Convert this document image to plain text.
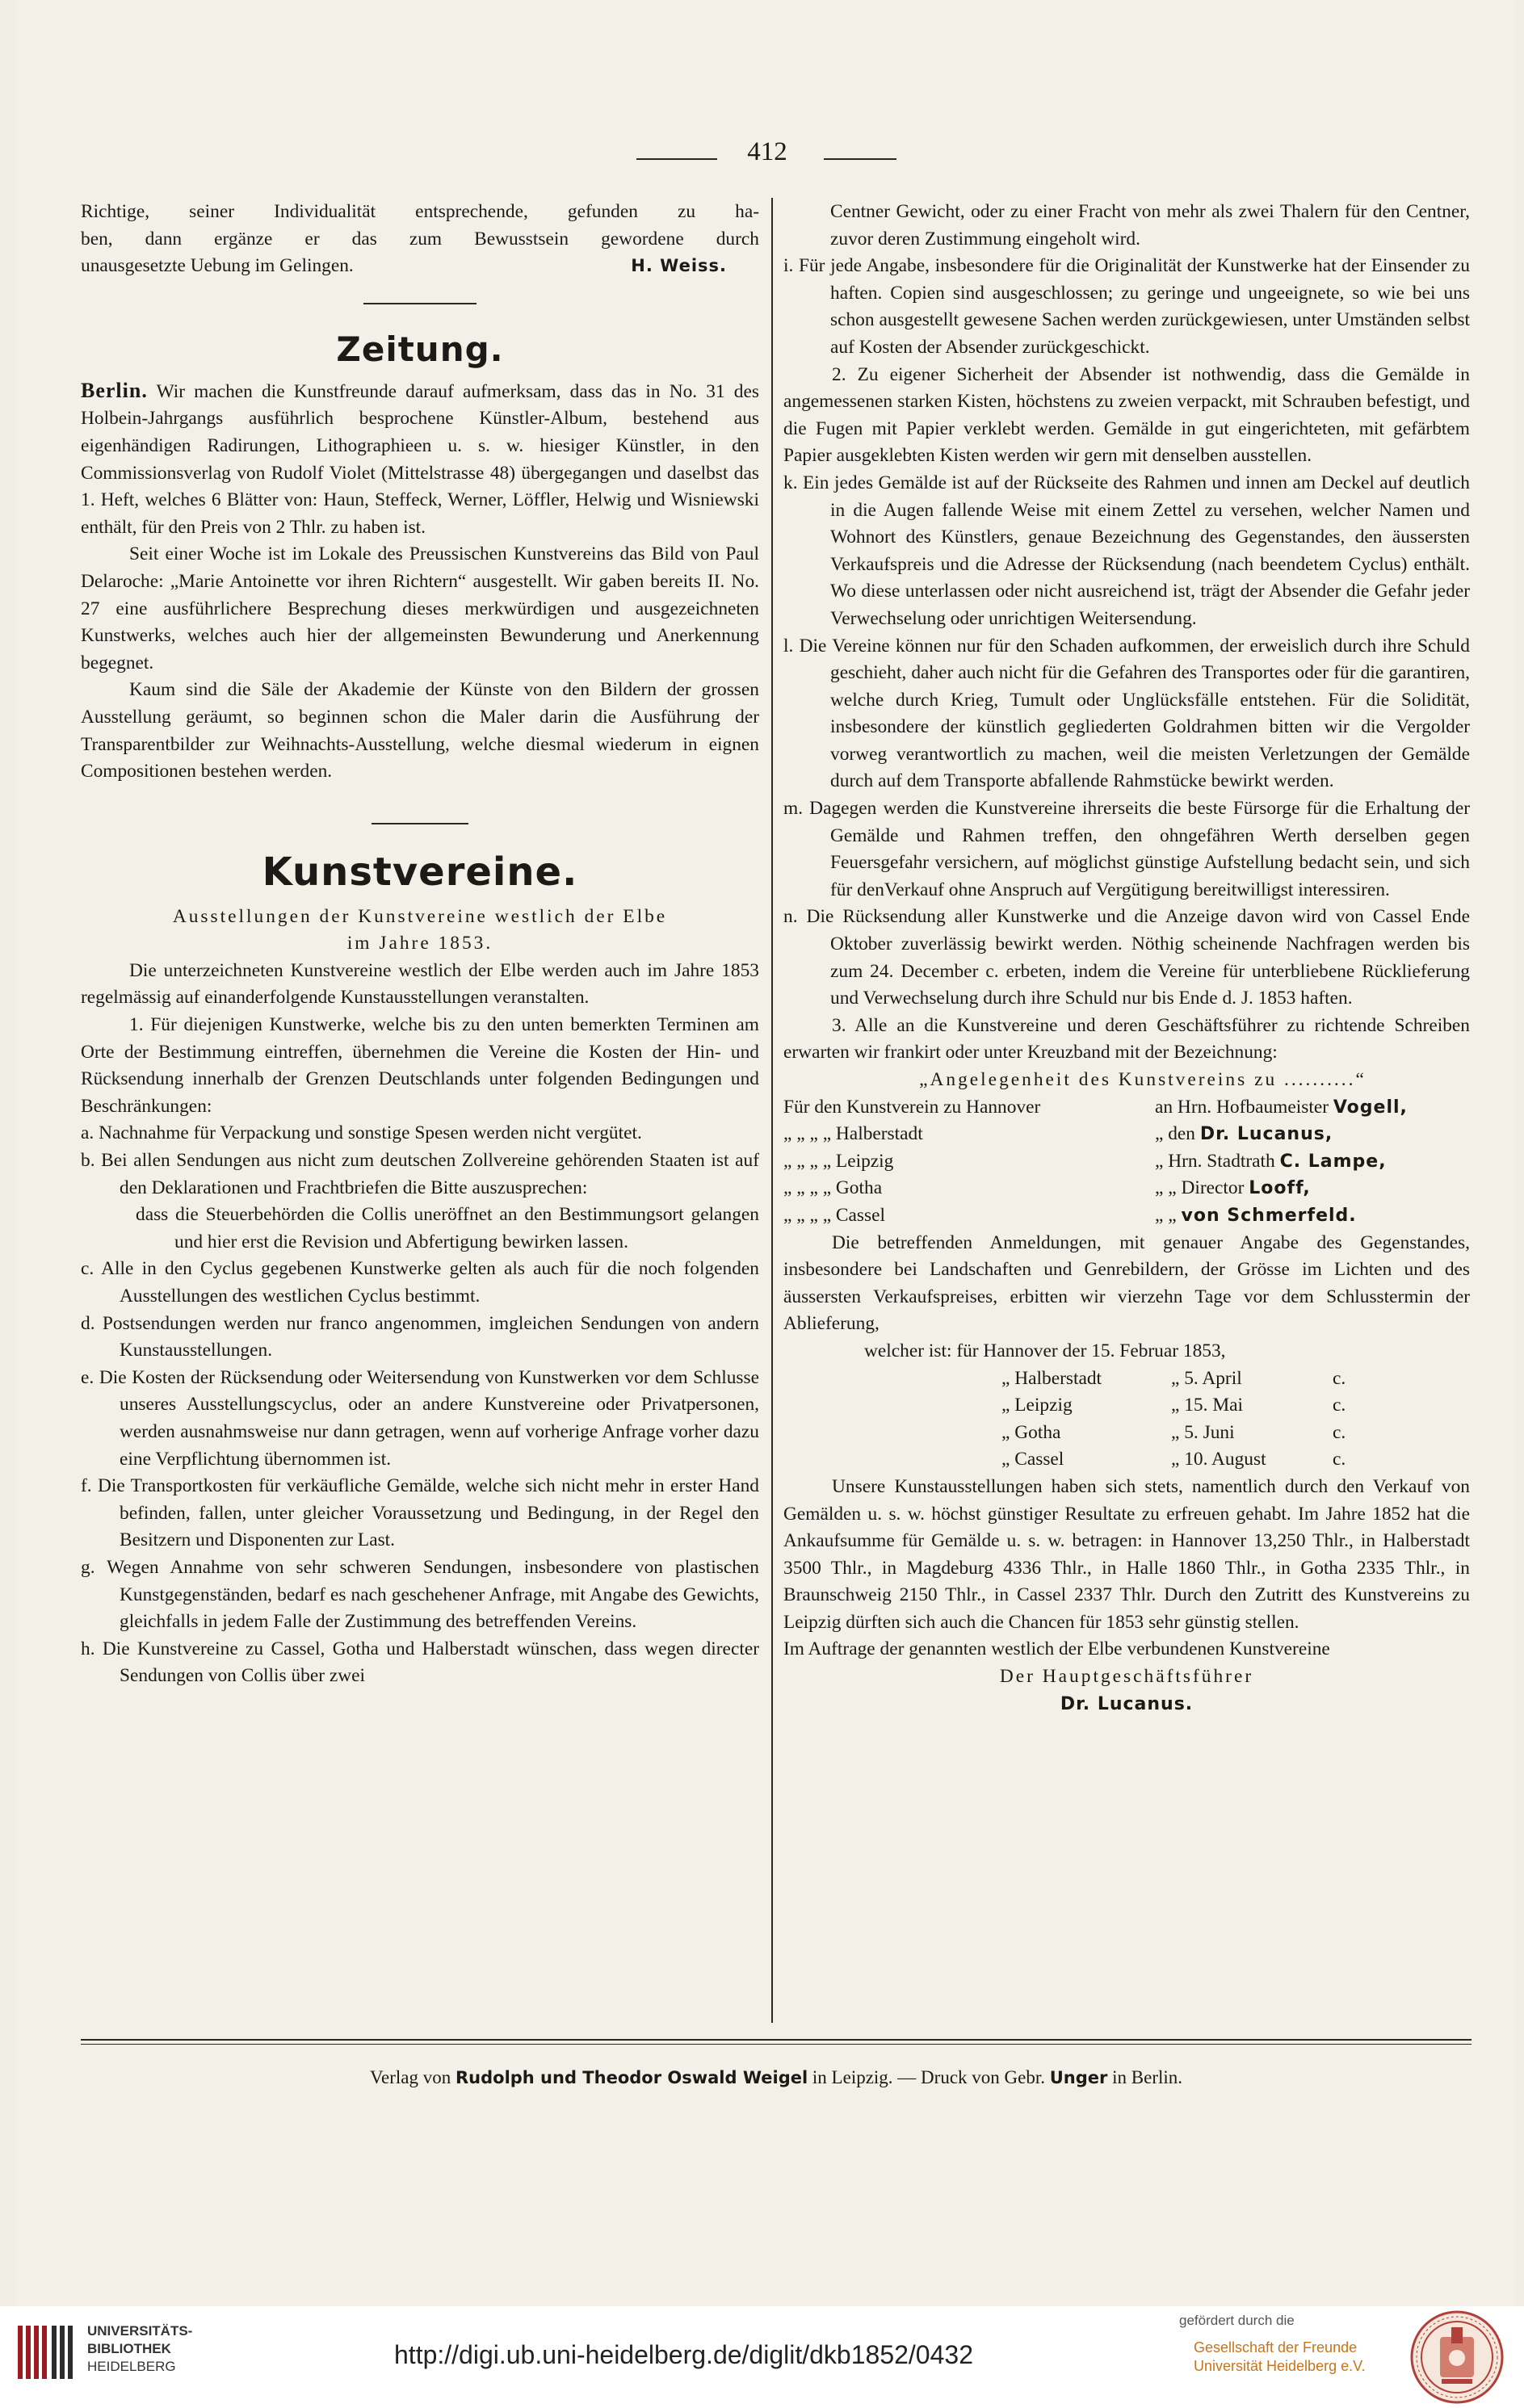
412

Richtige, seiner Individualität entsprechende, gefunden zu ha-

ben, dann ergänze er das zum Bewusstsein gewordene durch

unausgesetzte Uebung im Gelingen.	H. Weiss.

Zeitung.

Berlin. Wir machen die Kunstfreunde darauf aufmerksam, dass das in No. 31 des Holbein-Jahrgangs ausführlich besprochene Künstler-Album, bestehend aus eigenhändigen Radirungen, Lithographieen u. s. w. hiesiger Künstler, in den Commissionsverlag von Rudolf Violet (Mittelstrasse 48) übergegangen und daselbst das 1. Heft, welches 6 Blätter von: Haun, Steffeck, Werner, Löffler, Helwig und Wisniewski enthält, für den Preis von 2 Thlr. zu haben ist.

Seit einer Woche ist im Lokale des Preussischen Kunstvereins das Bild von Paul Delaroche: „Marie Antoinette vor ihren Richtern“ ausgestellt. Wir gaben bereits II. No. 27 eine ausführlichere Besprechung dieses merkwürdigen und ausgezeichneten Kunstwerks, welches auch hier der allgemeinsten Bewunderung und Anerkennung begegnet.

Kaum sind die Säle der Akademie der Künste von den Bildern der grossen Ausstellung geräumt, so beginnen schon die Maler darin die Ausführung der Transparentbilder zur Weihnachts-Ausstellung, welche diesmal wiederum in eignen Compositionen bestehen werden.

Kunstvereine.

Ausstellungen der Kunstvereine westlich der Elbe

im Jahre 1853.

Die unterzeichneten Kunstvereine westlich der Elbe werden auch im Jahre 1853 regelmässig auf einanderfolgende Kunstausstellungen veranstalten.

1. Für diejenigen Kunstwerke, welche bis zu den unten bemerkten Terminen am Orte der Bestimmung eintreffen, übernehmen die Vereine die Kosten der Hin- und Rücksendung innerhalb der Grenzen Deutschlands unter folgenden Bedingungen und Beschränkungen:

a. Nachnahme für Verpackung und sonstige Spesen werden nicht vergütet.

b. Bei allen Sendungen aus nicht zum deutschen Zollvereine gehörenden Staaten ist auf den Deklarationen und Frachtbriefen die Bitte auszusprechen:

dass die Steuerbehörden die Collis uneröffnet an den Bestimmungsort gelangen und hier erst die Revision und Abfertigung bewirken lassen.

c. Alle in den Cyclus gegebenen Kunstwerke gelten als auch für die noch folgenden Ausstellungen des westlichen Cyclus bestimmt.

d. Postsendungen werden nur franco angenommen, imgleichen Sendungen von andern Kunstausstellungen.

e. Die Kosten der Rücksendung oder Weitersendung von Kunstwerken vor dem Schlusse unseres Ausstellungscyclus, oder an andere Kunstvereine oder Privatpersonen, werden ausnahmsweise nur dann getragen, wenn auf vorherige Anfrage vorher dazu eine Verpflichtung übernommen ist.

f. Die Transportkosten für verkäufliche Gemälde, welche sich nicht mehr in erster Hand befinden, fallen, unter gleicher Voraussetzung und Bedingung, in der Regel den Besitzern und Disponenten zur Last.

g. Wegen Annahme von sehr schweren Sendungen, insbesondere von plastischen Kunstgegenständen, bedarf es nach geschehener Anfrage, mit Angabe des Gewichts, gleichfalls in jedem Falle der Zustimmung des betreffenden Vereins.

h. Die Kunstvereine zu Cassel, Gotha und Halberstadt wünschen, dass wegen directer Sendungen von Collis über zwei

Centner Gewicht, oder zu einer Fracht von mehr als zwei Thalern für den Centner, zuvor deren Zustimmung eingeholt wird.

i. Für jede Angabe, insbesondere für die Originalität der Kunstwerke hat der Einsender zu haften. Copien sind ausgeschlossen; zu geringe und ungeeignete, so wie bei uns schon ausgestellt gewesene Sachen werden zurückgewiesen, unter Umständen selbst auf Kosten der Absender zurückgeschickt.

2. Zu eigener Sicherheit der Absender ist nothwendig, dass die Gemälde in angemessenen starken Kisten, höchstens zu zweien verpackt, mit Schrauben befestigt, und die Fugen mit Papier verklebt werden. Gemälde in gut eingerichteten, mit gefärbtem Papier ausgeklebten Kisten werden wir gern mit denselben ausstellen.

k. Ein jedes Gemälde ist auf der Rückseite des Rahmen und innen am Deckel auf deutlich in die Augen fallende Weise mit einem Zettel zu versehen, welcher Namen und Wohnort des Künstlers, genaue Bezeichnung des Gegenstandes, den äussersten Verkaufspreis und die Adresse der Rücksendung (nach beendetem Cyclus) enthält. Wo diese unterlassen oder nicht ausreichend ist, trägt der Absender die Gefahr jeder Verwechselung oder unrichtigen Weitersendung.

l. Die Vereine können nur für den Schaden aufkommen, der erweislich durch ihre Schuld geschieht, daher auch nicht für die Gefahren des Transportes oder für die garantiren, welche durch Krieg, Tumult oder Unglücksfälle entstehen. Für die Solidität, insbesondere der künstlich gegliederten Goldrahmen bitten wir die Vergolder vorweg verantwortlich zu machen, weil die meisten Verletzungen der Gemälde durch auf dem Transporte abfallende Rahmstücke bewirkt werden.

m. Dagegen werden die Kunstvereine ihrerseits die beste Fürsorge für die Erhaltung der Gemälde und Rahmen treffen, den ohngefähren Werth derselben gegen Feuersgefahr versichern, auf möglichst günstige Aufstellung bedacht sein, und sich für denVerkauf ohne Anspruch auf Vergütigung bereitwilligst interessiren.

n. Die Rücksendung aller Kunstwerke und die Anzeige davon wird von Cassel Ende Oktober zuverlässig bewirkt werden. Nöthig scheinende Nachfragen werden bis zum 24. December c. erbeten, indem die Vereine für unterbliebene Rücklieferung und Verwechselung durch ihre Schuld nur bis Ende d. J. 1853 haften.

3. Alle an die Kunstvereine und deren Geschäftsführer zu richtende Schreiben erwarten wir frankirt oder unter Kreuzband mit der Bezeichnung:

„Angelegenheit des Kunstvereins zu ..........“

Für den Kunstverein zu Hannover	an Hrn. Hofbaumeister Vogell,
„ „ „ „ Halberstadt	„ den Dr. Lucanus,
„ „ „ „ Leipzig	„ Hrn. Stadtrath C. Lampe,
„ „ „ „ Gotha	„ „ Director Looff,
„ „ „ „ Cassel	„ „ von Schmerfeld.

Die betreffenden Anmeldungen, mit genauer Angabe des Gegenstandes, insbesondere bei Landschaften und Genrebildern, der Grösse im Lichten und des äussersten Verkaufspreises, erbitten wir vierzehn Tage vor dem Schlusstermin der Ablieferung,

welcher ist: für Hannover der 15. Februar 1853,

„ Halberstadt	„ 5. April	c.
„ Leipzig	„ 15. Mai	c.
„ Gotha	„ 5. Juni	c.
„ Cassel	„ 10. August	c.

Unsere Kunstausstellungen haben sich stets, namentlich durch den Verkauf von Gemälden u. s. w. höchst günstiger Resultate zu erfreuen gehabt. Im Jahre 1852 hat die Ankaufsumme für Gemälde u. s. w. betragen: in Hannover 13,250 Thlr., in Halberstadt 3500 Thlr., in Magdeburg 4336 Thlr., in Halle 1860 Thlr., in Gotha 2335 Thlr., in Braunschweig 2150 Thlr., in Cassel 2337 Thlr. Durch den Zutritt des Kunstvereins zu Leipzig dürften sich auch die Chancen für 1853 sehr günstig stellen.

Im Auftrage der genannten westlich der Elbe verbundenen Kunstvereine

Der Hauptgeschäftsführer

Dr. Lucanus.

Verlag von Rudolph und Theodor Oswald Weigel in Leipzig. — Druck von Gebr. Unger in Berlin.
UNIVERSITÄTS-
BIBLIOTHEK
HEIDELBERG	http://digi.ub.uni-heidelberg.de/diglit/dkb1852/0432
gefördert durch die
Gesellschaft der Freunde
Universität Heidelberg e.V.
